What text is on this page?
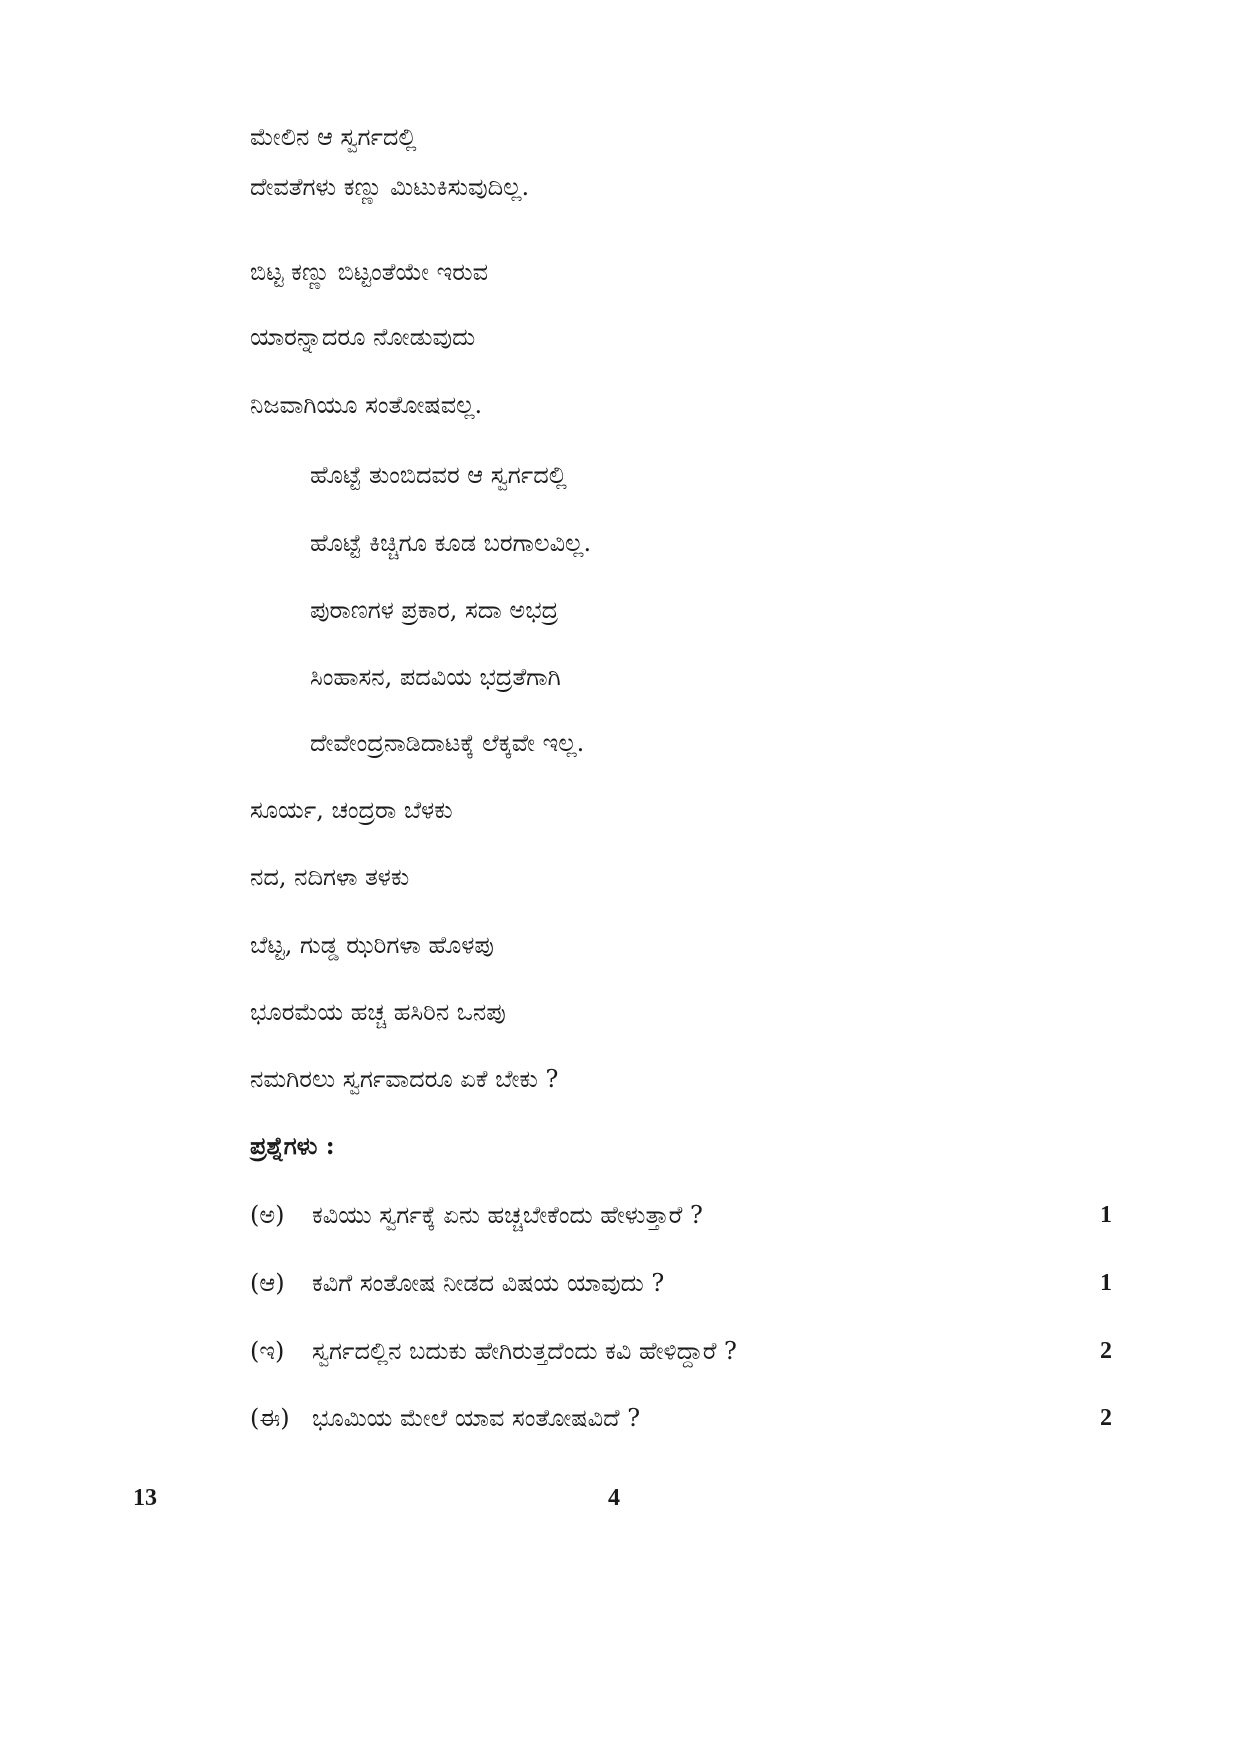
ಮೇಲಿನ ಆ ಸ್ವರ್ಗದಲ್ಲಿ
ದೇವತೆಗಳು ಕಣ್ಣು ಮಿಟುಕಿಸುವುದಿಲ್ಲ.
ಬಿಟ್ಟ ಕಣ್ಣು ಬಿಟ್ಟಂತೆಯೇ ಇರುವ
ಯಾರನ್ನಾದರೂ ನೋಡುವುದು
ನಿಜವಾಗಿಯೂ ಸಂತೋಷವಲ್ಲ.
ಹೊಟ್ಟೆ ತುಂಬಿದವರ ಆ ಸ್ವರ್ಗದಲ್ಲಿ
ಹೊಟ್ಟೆ ಕಿಚ್ಚಿಗೂ ಕೂಡ ಬರಗಾಲವಿಲ್ಲ.
ಪುರಾಣಗಳ ಪ್ರಕಾರ, ಸದಾ ಅಭದ್ರ
ಸಿಂಹಾಸನ, ಪದವಿಯ ಭದ್ರತೆಗಾಗಿ
ದೇವೇಂದ್ರನಾಡಿದಾಟಕ್ಕೆ ಲೆಕ್ಕವೇ ಇಲ್ಲ.
ಸೂರ್ಯ, ಚಂದ್ರರಾ ಬೆಳಕು
ನದ, ನದಿಗಳಾ ತಳಕು
ಬೆಟ್ಟ, ಗುಡ್ಡ ಝರಿಗಳಾ ಹೊಳಪು
ಭೂರಮೆಯ ಹಚ್ಚ ಹಸಿರಿನ ಒನಪು
ನಮಗಿರಲು ಸ್ವರ್ಗವಾದರೂ ಏಕೆ ಬೇಕು ?
ಪ್ರಶ್ನೆಗಳು :
(ಅ) ಕವಿಯು ಸ್ವರ್ಗಕ್ಕೆ ಏನು ಹಚ್ಚಬೇಕೆಂದು ಹೇಳುತ್ತಾರೆ ?	1
(ಆ) ಕವಿಗೆ ಸಂತೋಷ ನೀಡದ ವಿಷಯ ಯಾವುದು ?	1
(ಇ) ಸ್ವರ್ಗದಲ್ಲಿನ ಬದುಕು ಹೇಗಿರುತ್ತದೆಂದು ಕವಿ ಹೇಳಿದ್ದಾರೆ ?	2
(ಈ) ಭೂಮಿಯ ಮೇಲೆ ಯಾವ ಸಂತೋಷವಿದೆ ?	2
13	4
